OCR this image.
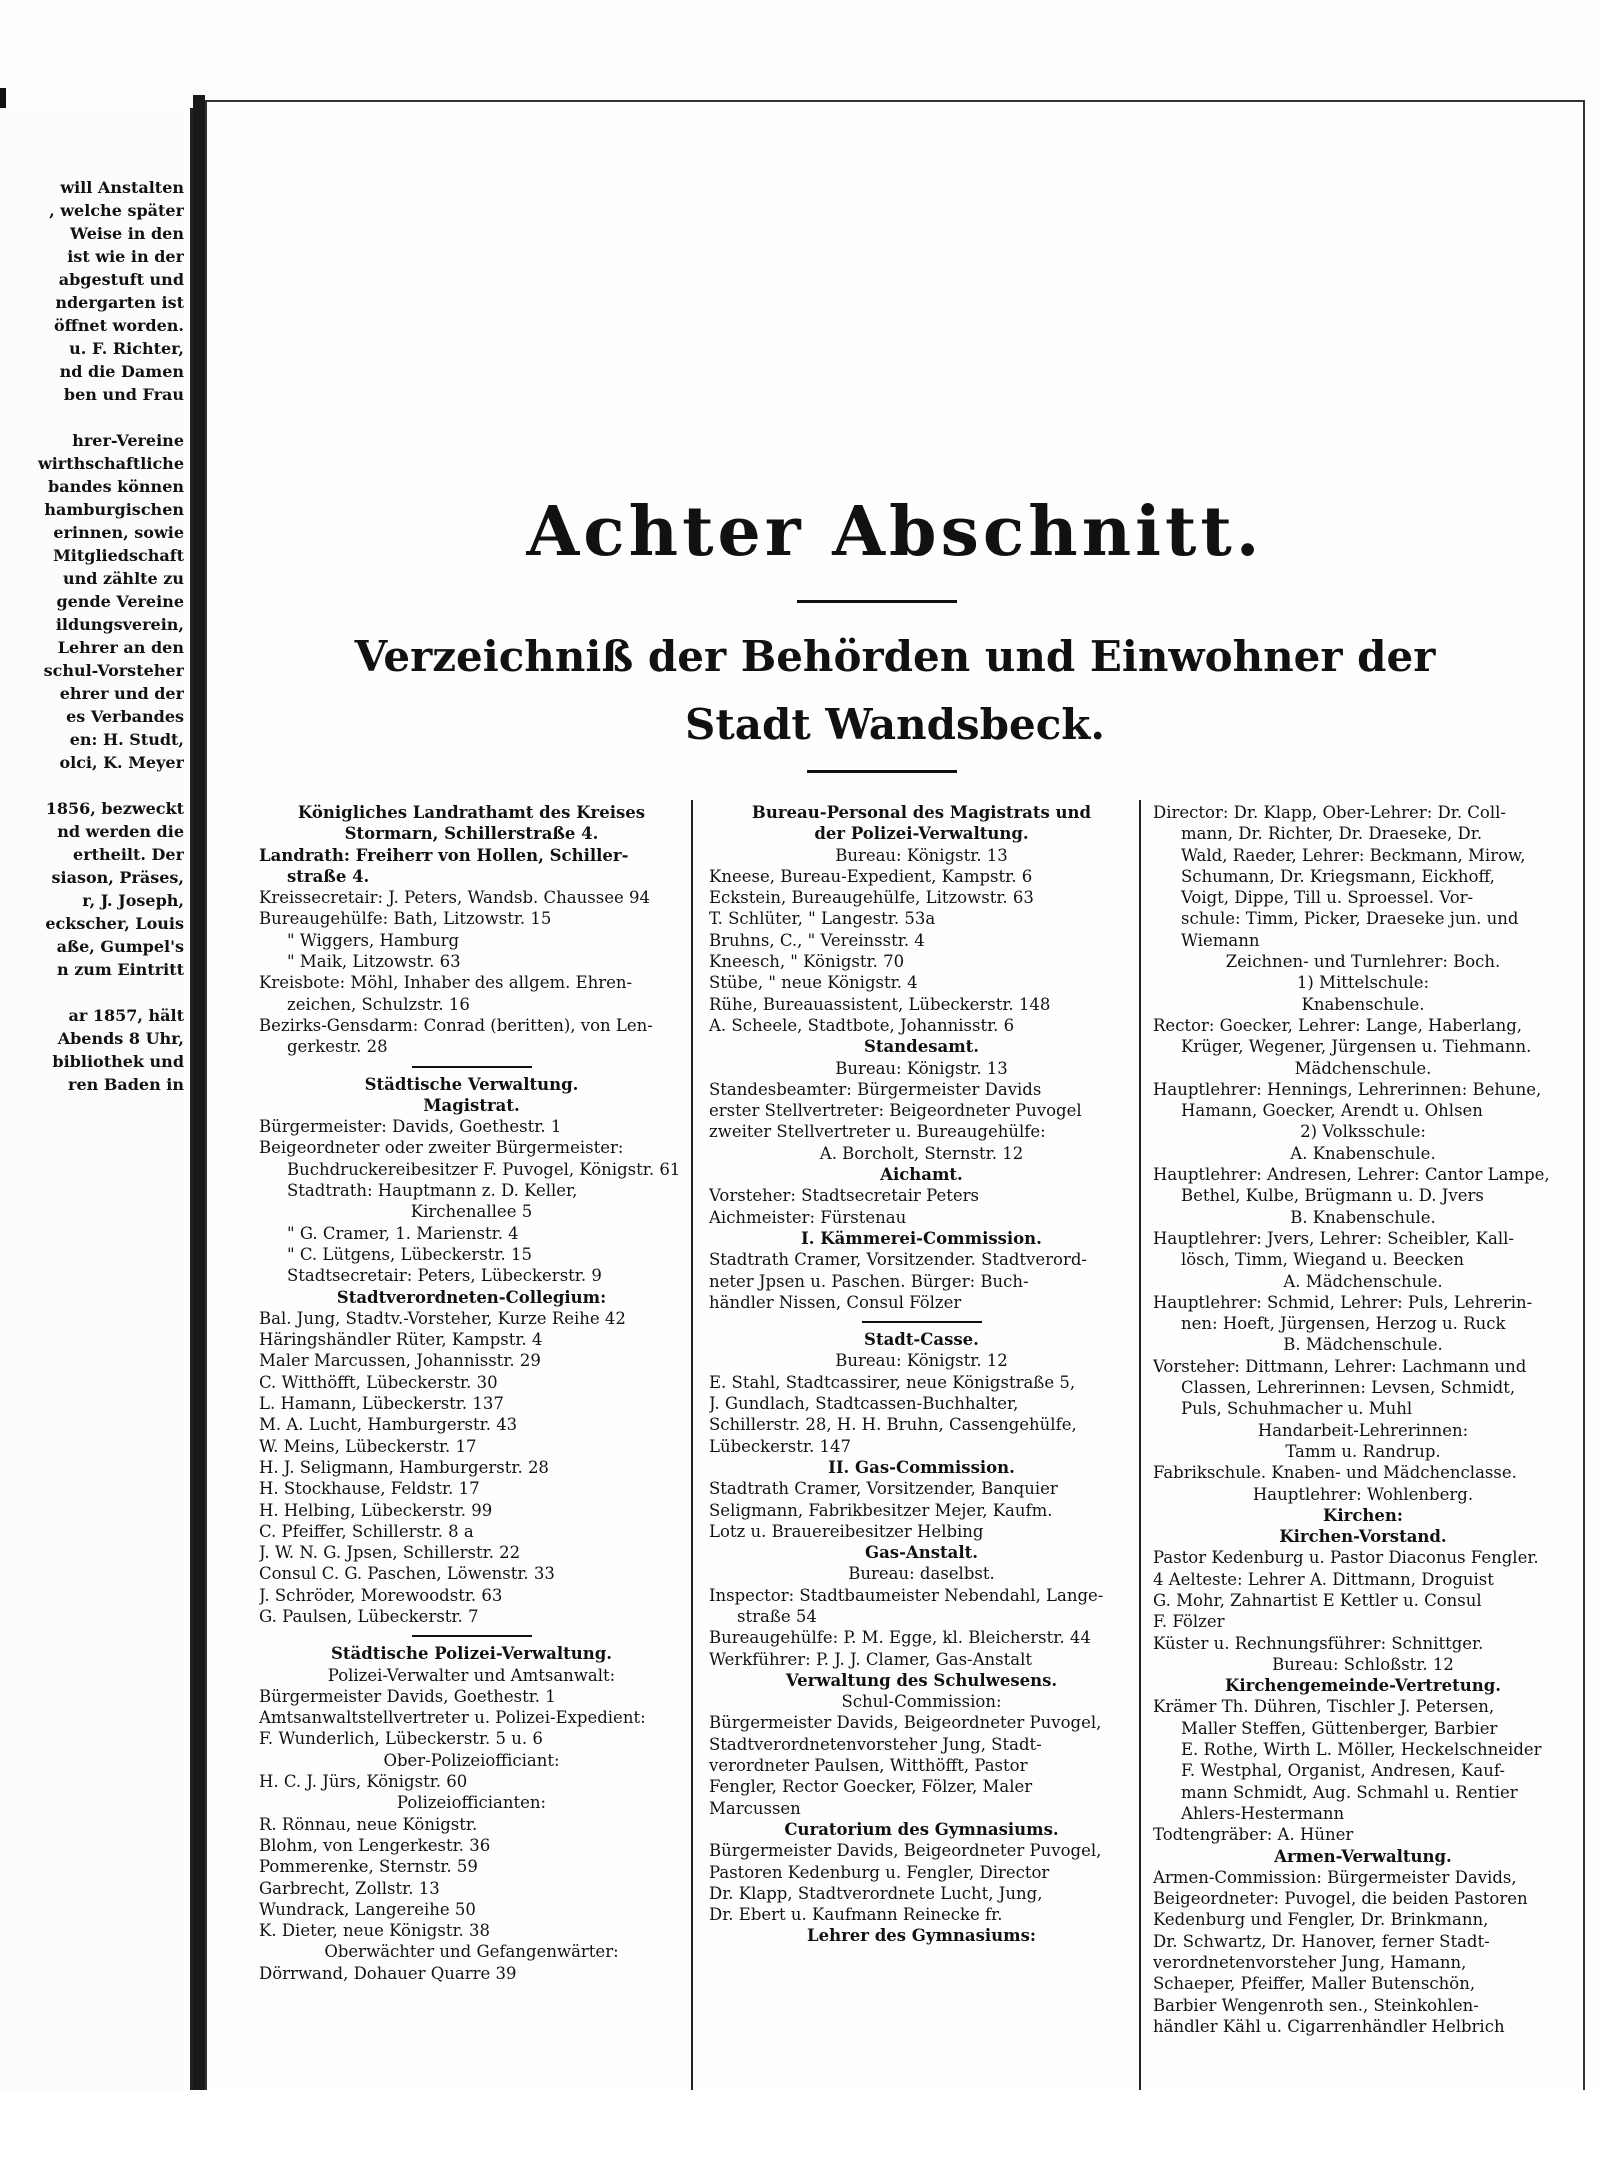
will Anstalten
, welche später
Weise in den
ist wie in der
abgestuft und
ndergarten ist
öffnet worden.
u. F. Richter,
nd die Damen
ben und Frau
hrer-Vereine
wirthschaftliche
bandes können
hamburgischen
erinnen, sowie
Mitgliedschaft
und zählte zu
gende Vereine
ildungsverein,
Lehrer an den
schul-Vorsteher
ehrer und der
es Verbandes
en: H. Studt,
olci, K. Meyer
1856, bezweckt
nd werden die
ertheilt. Der
siason, Präses,
r, J. Joseph,
eckscher, Louis
aße, Gumpel's
n zum Eintritt
ar 1857, hält
Abends 8 Uhr,
bibliothek und
ren Baden in
Achter Abschnitt.
Verzeichniß der Behörden und Einwohner der
Stadt Wandsbeck.
Königliches Landrathamt des Kreises
Stormarn, Schillerstraße 4.
Landrath: Freiherr von Hollen, Schiller-
straße 4.
Kreissecretair: J. Peters, Wandsb. Chaussee 94
Bureaugehülfe: Bath, Litzowstr. 15
" Wiggers, Hamburg
" Maik, Litzowstr. 63
Kreisbote: Möhl, Inhaber des allgem. Ehren-
zeichen, Schulzstr. 16
Bezirks-Gensdarm: Conrad (beritten), von Len-
gerkestr. 28
Städtische Verwaltung.
Magistrat.
Bürgermeister: Davids, Goethestr. 1
Beigeordneter oder zweiter Bürgermeister:
Buchdruckereibesitzer F. Puvogel, Königstr. 61
Stadtrath: Hauptmann z. D. Keller,
Kirchenallee 5
" G. Cramer, 1. Marienstr. 4
" C. Lütgens, Lübeckerstr. 15
Stadtsecretair: Peters, Lübeckerstr. 9
Stadtverordneten-Collegium:
Bal. Jung, Stadtv.-Vorsteher, Kurze Reihe 42
Häringshändler Rüter, Kampstr. 4
Maler Marcussen, Johannisstr. 29
C. Witthöfft, Lübeckerstr. 30
L. Hamann, Lübeckerstr. 137
M. A. Lucht, Hamburgerstr. 43
W. Meins, Lübeckerstr. 17
H. J. Seligmann, Hamburgerstr. 28
H. Stockhause, Feldstr. 17
H. Helbing, Lübeckerstr. 99
C. Pfeiffer, Schillerstr. 8 a
J. W. N. G. Jpsen, Schillerstr. 22
Consul C. G. Paschen, Löwenstr. 33
J. Schröder, Morewoodstr. 63
G. Paulsen, Lübeckerstr. 7
Städtische Polizei-Verwaltung.
Polizei-Verwalter und Amtsanwalt:
Bürgermeister Davids, Goethestr. 1
Amtsanwaltstellvertreter u. Polizei-Expedient:
F. Wunderlich, Lübeckerstr. 5 u. 6
Ober-Polizeiofficiant:
H. C. J. Jürs, Königstr. 60
Polizeiofficianten:
R. Rönnau, neue Königstr.
Blohm, von Lengerkestr. 36
Pommerenke, Sternstr. 59
Garbrecht, Zollstr. 13
Wundrack, Langereihe 50
K. Dieter, neue Königstr. 38
Oberwächter und Gefangenwärter:
Dörrwand, Dohauer Quarre 39
Bureau-Personal des Magistrats und
der Polizei-Verwaltung.
Bureau: Königstr. 13
Kneese, Bureau-Expedient, Kampstr. 6
Eckstein, Bureaugehülfe, Litzowstr. 63
T. Schlüter, " Langestr. 53a
Bruhns, C., " Vereinsstr. 4
Kneesch, " Königstr. 70
Stübe, " neue Königstr. 4
Rühe, Bureauassistent, Lübeckerstr. 148
A. Scheele, Stadtbote, Johannisstr. 6
Standesamt.
Bureau: Königstr. 13
Standesbeamter: Bürgermeister Davids
erster Stellvertreter: Beigeordneter Puvogel
zweiter Stellvertreter u. Bureaugehülfe:
A. Borcholt, Sternstr. 12
Aichamt.
Vorsteher: Stadtsecretair Peters
Aichmeister: Fürstenau
I. Kämmerei-Commission.
Stadtrath Cramer, Vorsitzender. Stadtverord-
neter Jpsen u. Paschen. Bürger: Buch-
händler Nissen, Consul Fölzer
Stadt-Casse.
Bureau: Königstr. 12
E. Stahl, Stadtcassirer, neue Königstraße 5,
J. Gundlach, Stadtcassen-Buchhalter,
Schillerstr. 28, H. H. Bruhn, Cassengehülfe,
Lübeckerstr. 147
II. Gas-Commission.
Stadtrath Cramer, Vorsitzender, Banquier
Seligmann, Fabrikbesitzer Mejer, Kaufm.
Lotz u. Brauereibesitzer Helbing
Gas-Anstalt.
Bureau: daselbst.
Inspector: Stadtbaumeister Nebendahl, Lange-
straße 54
Bureaugehülfe: P. M. Egge, kl. Bleicherstr. 44
Werkführer: P. J. J. Clamer, Gas-Anstalt
Verwaltung des Schulwesens.
Schul-Commission:
Bürgermeister Davids, Beigeordneter Puvogel,
Stadtverordnetenvorsteher Jung, Stadt-
verordneter Paulsen, Witthöfft, Pastor
Fengler, Rector Goecker, Fölzer, Maler
Marcussen
Curatorium des Gymnasiums.
Bürgermeister Davids, Beigeordneter Puvogel,
Pastoren Kedenburg u. Fengler, Director
Dr. Klapp, Stadtverordnete Lucht, Jung,
Dr. Ebert u. Kaufmann Reinecke fr.
Lehrer des Gymnasiums:
Director: Dr. Klapp, Ober-Lehrer: Dr. Coll-
mann, Dr. Richter, Dr. Draeseke, Dr.
Wald, Raeder, Lehrer: Beckmann, Mirow,
Schumann, Dr. Kriegsmann, Eickhoff,
Voigt, Dippe, Till u. Sproessel. Vor-
schule: Timm, Picker, Draeseke jun. und
Wiemann
Zeichnen- und Turnlehrer: Boch.
1) Mittelschule:
Knabenschule.
Rector: Goecker, Lehrer: Lange, Haberlang,
Krüger, Wegener, Jürgensen u. Tiehmann.
Mädchenschule.
Hauptlehrer: Hennings, Lehrerinnen: Behune,
Hamann, Goecker, Arendt u. Ohlsen
2) Volksschule:
A. Knabenschule.
Hauptlehrer: Andresen, Lehrer: Cantor Lampe,
Bethel, Kulbe, Brügmann u. D. Jvers
B. Knabenschule.
Hauptlehrer: Jvers, Lehrer: Scheibler, Kall-
lösch, Timm, Wiegand u. Beecken
A. Mädchenschule.
Hauptlehrer: Schmid, Lehrer: Puls, Lehrerin-
nen: Hoeft, Jürgensen, Herzog u. Ruck
B. Mädchenschule.
Vorsteher: Dittmann, Lehrer: Lachmann und
Classen, Lehrerinnen: Levsen, Schmidt,
Puls, Schuhmacher u. Muhl
Handarbeit-Lehrerinnen:
Tamm u. Randrup.
Fabrikschule. Knaben- und Mädchenclasse.
Hauptlehrer: Wohlenberg.
Kirchen:
Kirchen-Vorstand.
Pastor Kedenburg u. Pastor Diaconus Fengler.
4 Aelteste: Lehrer A. Dittmann, Droguist
G. Mohr, Zahnartist E Kettler u. Consul
F. Fölzer
Küster u. Rechnungsführer: Schnittger.
Bureau: Schloßstr. 12
Kirchengemeinde-Vertretung.
Krämer Th. Dühren, Tischler J. Petersen,
Maller Steffen, Güttenberger, Barbier
E. Rothe, Wirth L. Möller, Heckelschneider
F. Westphal, Organist, Andresen, Kauf-
mann Schmidt, Aug. Schmahl u. Rentier
Ahlers-Hestermann
Todtengräber: A. Hüner
Armen-Verwaltung.
Armen-Commission: Bürgermeister Davids,
Beigeordneter: Puvogel, die beiden Pastoren
Kedenburg und Fengler, Dr. Brinkmann,
Dr. Schwartz, Dr. Hanover, ferner Stadt-
verordnetenvorsteher Jung, Hamann,
Schaeper, Pfeiffer, Maller Butenschön,
Barbier Wengenroth sen., Steinkohlen-
händler Kähl u. Cigarrenhändler Helbrich
